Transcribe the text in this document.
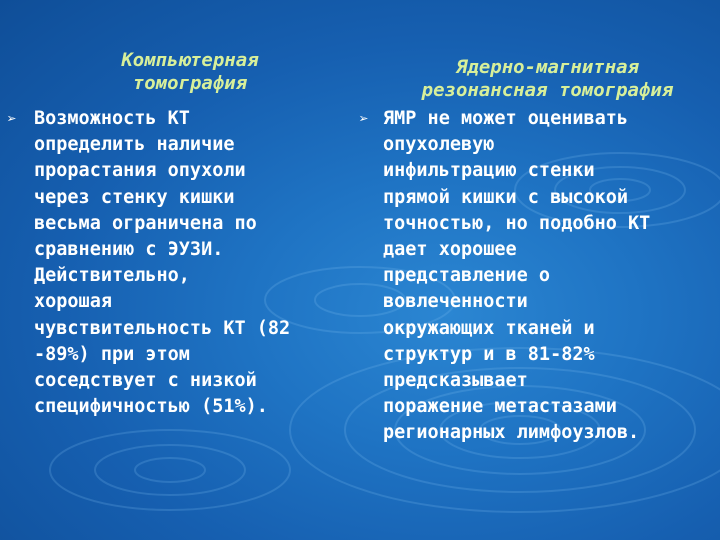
Компьютерная
томография
➢ Возможность КТ
определить наличие
прорастания опухоли
через стенку кишки
весьма ограничена по
сравнению с ЭУЗИ.
Действительно,
хорошая
чувствительность КТ (82
-89%) при этом
соседствует с низкой
специфичностью (51%).

Ядерно-магнитная
резонансная томография
➢ ЯМР не может оценивать
опухолевую
инфильтрацию стенки
прямой кишки с высокой
точностью, но подобно КТ
дает хорошее
представление о
вовлеченности
окружающих тканей и
структур и в 81-82%
предсказывает
поражение метастазами
регионарных лимфоузлов.
